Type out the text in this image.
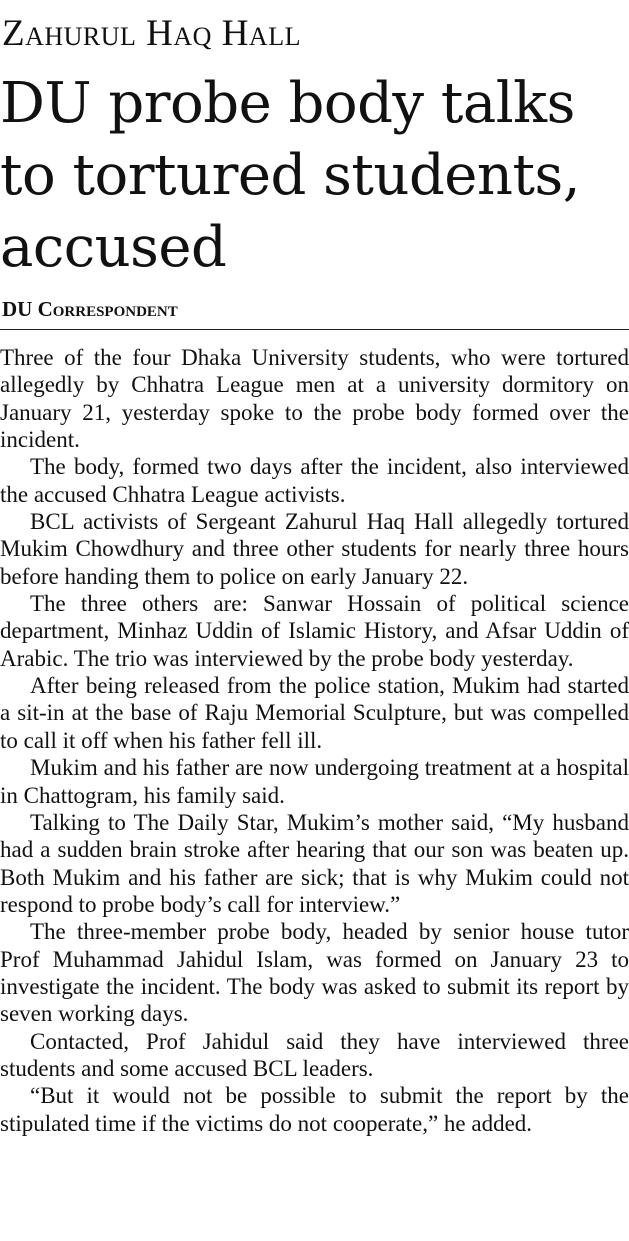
Zahurul Haq Hall
DU probe body talks
to tortured students,
accused
DU Correspondent

Three of the four Dhaka University students, who were tortured allegedly by Chhatra League men at a university dormitory on January 21, yesterday spoke to the probe body formed over the incident.

The body, formed two days after the incident, also interviewed the accused Chhatra League activists.

BCL activists of Sergeant Zahurul Haq Hall allegedly tortured Mukim Chowdhury and three other students for nearly three hours before handing them to police on early January 22.

The three others are: Sanwar Hossain of political science department, Minhaz Uddin of Islamic History, and Afsar Uddin of Arabic. The trio was interviewed by the probe body yesterday.

After being released from the police station, Mukim had started a sit-in at the base of Raju Memorial Sculpture, but was compelled to call it off when his father fell ill.

Mukim and his father are now undergoing treatment at a hospital in Chattogram, his family said.

Talking to The Daily Star, Mukim’s mother said, “My husband had a sudden brain stroke after hearing that our son was beaten up. Both Mukim and his father are sick; that is why Mukim could not respond to probe body’s call for interview.”

The three-member probe body, headed by senior house tutor Prof Muhammad Jahidul Islam, was formed on January 23 to investigate the incident. The body was asked to submit its report by seven working days.

Contacted, Prof Jahidul said they have interviewed three students and some accused BCL leaders.

“But it would not be possible to submit the report by the stipulated time if the victims do not cooperate,” he added.
